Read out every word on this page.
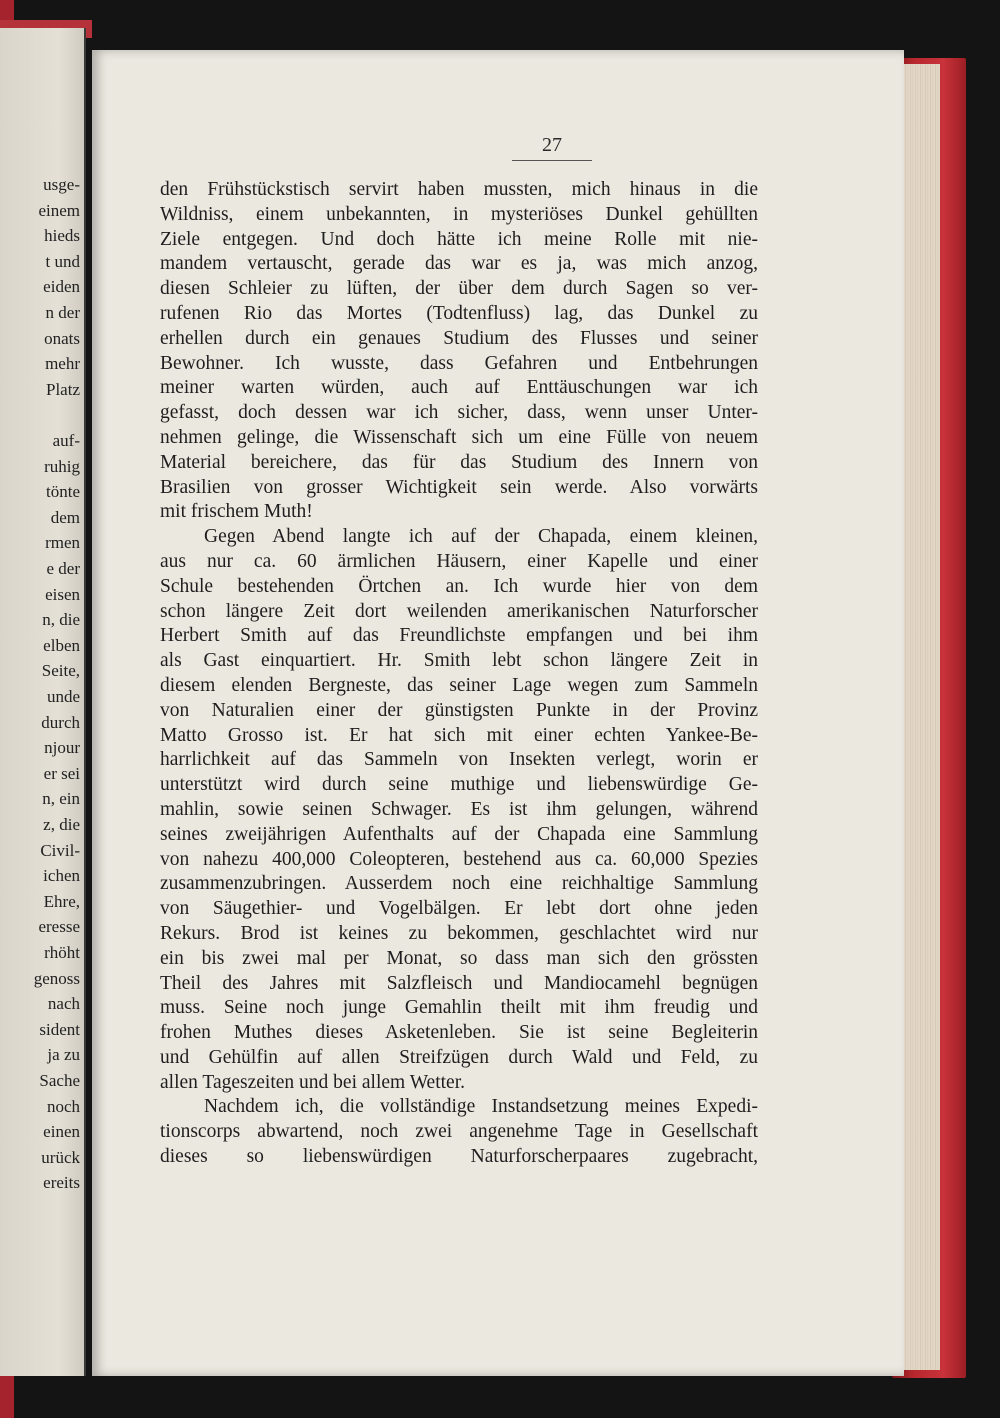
usge-
einem
hieds
t und
eiden
n der
onats
mehr
Platz
auf-
ruhig
tönte
dem
rmen
e der
eisen
n, die
elben
Seite,
unde
durch
njour
er sei
n, ein
z, die
Civil-
ichen
Ehre,
eresse
rhöht
genoss
nach
sident
ja zu
Sache
noch
einen
urück
ereits
27
den Frühstückstisch servirt haben mussten, mich hinaus in die
Wildniss, einem unbekannten, in mysteriöses Dunkel gehüllten
Ziele entgegen. Und doch hätte ich meine Rolle mit nie-
mandem vertauscht, gerade das war es ja, was mich anzog,
diesen Schleier zu lüften, der über dem durch Sagen so ver-
rufenen Rio das Mortes (Todtenfluss) lag, das Dunkel zu
erhellen durch ein genaues Studium des Flusses und seiner
Bewohner. Ich wusste, dass Gefahren und Entbehrungen
meiner warten würden, auch auf Enttäuschungen war ich
gefasst, doch dessen war ich sicher, dass, wenn unser Unter-
nehmen gelinge, die Wissenschaft sich um eine Fülle von neuem
Material bereichere, das für das Studium des Innern von
Brasilien von grosser Wichtigkeit sein werde. Also vorwärts
mit frischem Muth!
Gegen Abend langte ich auf der Chapada, einem kleinen,
aus nur ca. 60 ärmlichen Häusern, einer Kapelle und einer
Schule bestehenden Örtchen an. Ich wurde hier von dem
schon längere Zeit dort weilenden amerikanischen Naturforscher
Herbert Smith auf das Freundlichste empfangen und bei ihm
als Gast einquartiert. Hr. Smith lebt schon längere Zeit in
diesem elenden Bergneste, das seiner Lage wegen zum Sammeln
von Naturalien einer der günstigsten Punkte in der Provinz
Matto Grosso ist. Er hat sich mit einer echten Yankee-Be-
harrlichkeit auf das Sammeln von Insekten verlegt, worin er
unterstützt wird durch seine muthige und liebenswürdige Ge-
mahlin, sowie seinen Schwager. Es ist ihm gelungen, während
seines zweijährigen Aufenthalts auf der Chapada eine Sammlung
von nahezu 400,000 Coleopteren, bestehend aus ca. 60,000 Spezies
zusammenzubringen. Ausserdem noch eine reichhaltige Sammlung
von Säugethier- und Vogelbälgen. Er lebt dort ohne jeden
Rekurs. Brod ist keines zu bekommen, geschlachtet wird nur
ein bis zwei mal per Monat, so dass man sich den grössten
Theil des Jahres mit Salzfleisch und Mandiocamehl begnügen
muss. Seine noch junge Gemahlin theilt mit ihm freudig und
frohen Muthes dieses Asketenleben. Sie ist seine Begleiterin
und Gehülfin auf allen Streifzügen durch Wald und Feld, zu
allen Tageszeiten und bei allem Wetter.
Nachdem ich, die vollständige Instandsetzung meines Expedi-
tionscorps abwartend, noch zwei angenehme Tage in Gesellschaft
dieses so liebenswürdigen Naturforscherpaares zugebracht,
